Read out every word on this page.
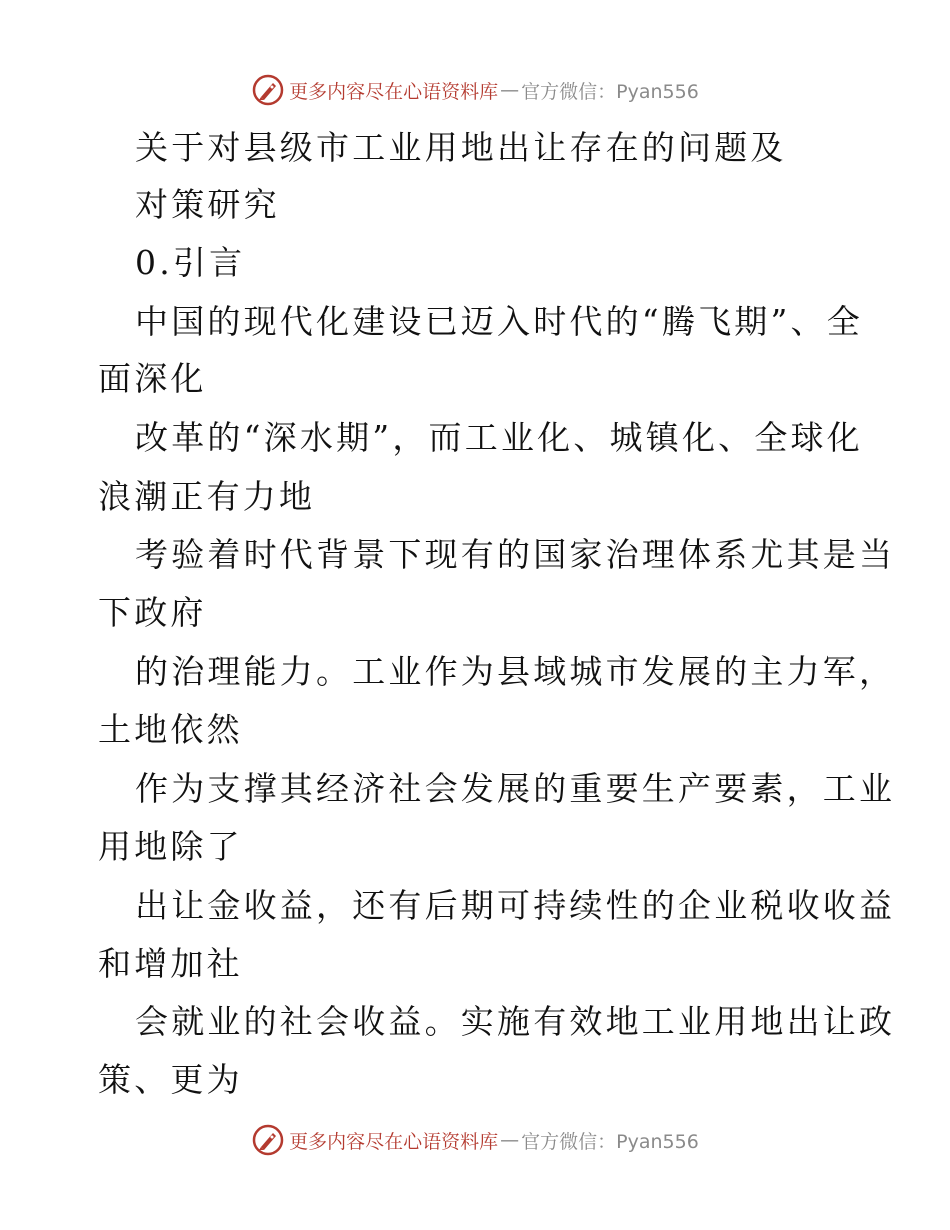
更多内容尽在心语资料库 — 官方微信：Pyan556
关于对县级市工业用地出让存在的问题及
对策研究
0.引言
中国的现代化建设已迈入时代的“腾飞期”、全
面深化
改革的“深水期”，而工业化、城镇化、全球化
浪潮正有力地
考验着时代背景下现有的国家治理体系尤其是当
下政府
的治理能力。工业作为县域城市发展的主力军，
土地依然
作为支撑其经济社会发展的重要生产要素，工业
用地除了
出让金收益，还有后期可持续性的企业税收收益
和增加社
会就业的社会收益。实施有效地工业用地出让政
策、更为
更多内容尽在心语资料库 — 官方微信：Pyan556
